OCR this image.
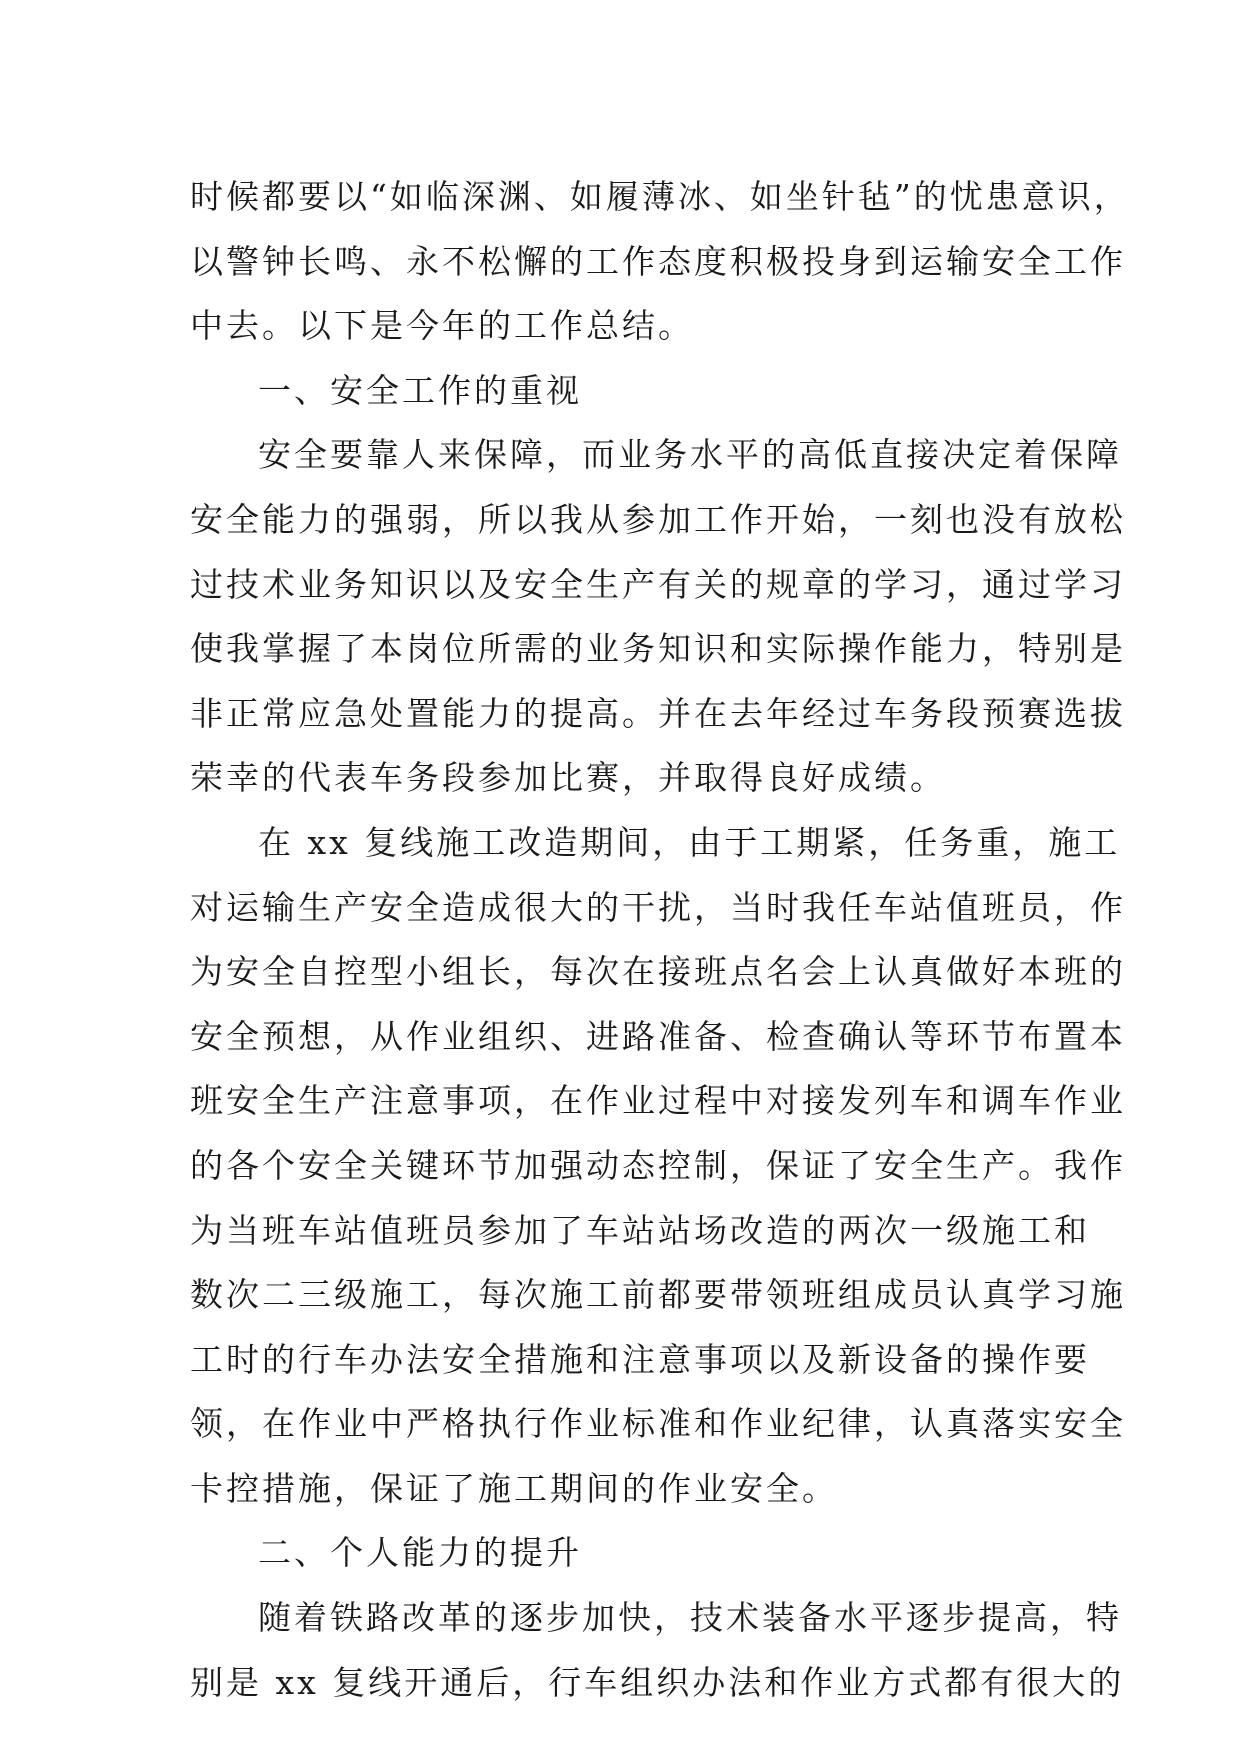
时候都要以“如临深渊、如履薄冰、如坐针毡”的忧患意识，
以警钟长鸣、永不松懈的工作态度积极投身到运输安全工作
中去。以下是今年的工作总结。
一、安全工作的重视
安全要靠人来保障，而业务水平的高低直接决定着保障
安全能力的强弱，所以我从参加工作开始，一刻也没有放松
过技术业务知识以及安全生产有关的规章的学习，通过学习
使我掌握了本岗位所需的业务知识和实际操作能力，特别是
非正常应急处置能力的提高。并在去年经过车务段预赛选拔
荣幸的代表车务段参加比赛，并取得良好成绩。
在 xx 复线施工改造期间，由于工期紧，任务重，施工
对运输生产安全造成很大的干扰，当时我任车站值班员，作
为安全自控型小组长，每次在接班点名会上认真做好本班的
安全预想，从作业组织、进路准备、检查确认等环节布置本
班安全生产注意事项，在作业过程中对接发列车和调车作业
的各个安全关键环节加强动态控制，保证了安全生产。我作
为当班车站值班员参加了车站站场改造的两次一级施工和
数次二三级施工，每次施工前都要带领班组成员认真学习施
工时的行车办法安全措施和注意事项以及新设备的操作要
领，在作业中严格执行作业标准和作业纪律，认真落实安全
卡控措施，保证了施工期间的作业安全。
二、个人能力的提升
随着铁路改革的逐步加快，技术装备水平逐步提高，特
别是 xx 复线开通后，行车组织办法和作业方式都有很大的
